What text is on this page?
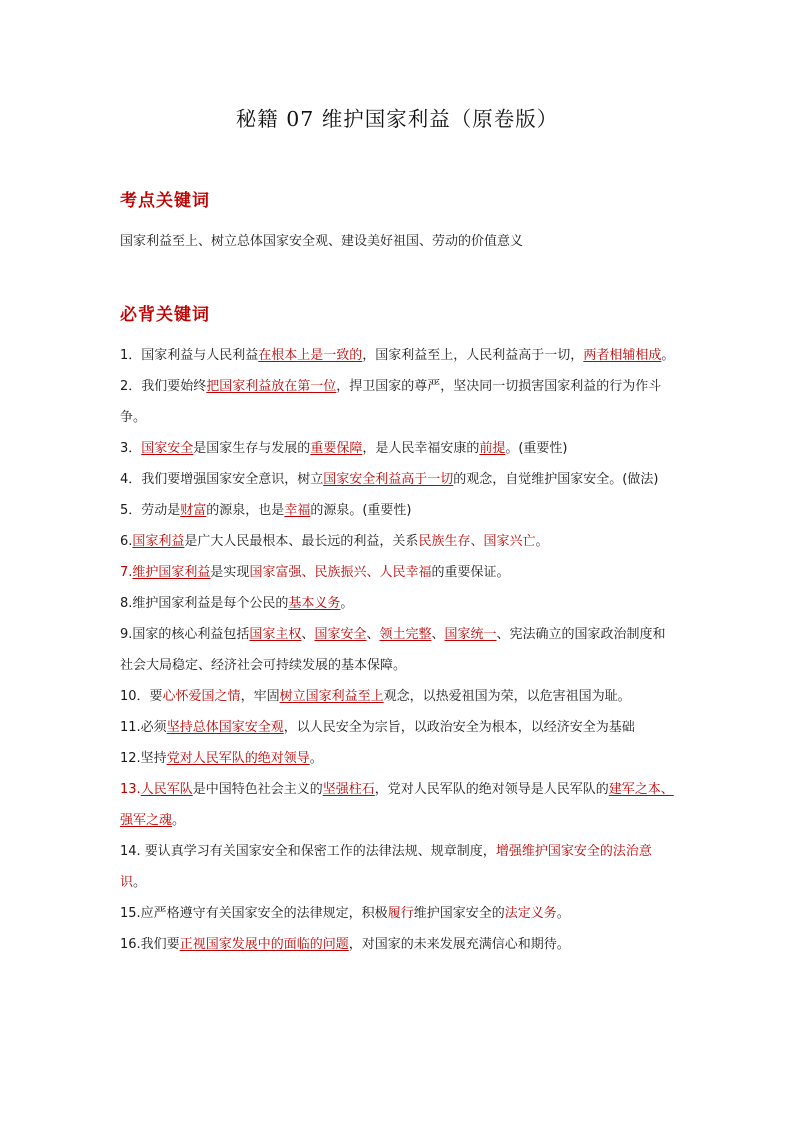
秘籍 07 维护国家利益（原卷版）
考点关键词
国家利益至上、树立总体国家安全观、建设美好祖国、劳动的价值意义
必背关键词
1．国家利益与人民利益在根本上是一致的，国家利益至上，人民利益高于一切，两者相辅相成。
2．我们要始终把国家利益放在第一位，捍卫国家的尊严，坚决同一切损害国家利益的行为作斗争。
3．国家安全是国家生存与发展的重要保障，是人民幸福安康的前提。(重要性)
4．我们要增强国家安全意识，树立国家安全利益高于一切的观念，自觉维护国家安全。(做法)
5．劳动是财富的源泉，也是幸福的源泉。(重要性)
6.国家利益是广大人民最根本、最长远的利益，关系民族生存、国家兴亡。
7.维护国家利益是实现国家富强、民族振兴、人民幸福的重要保证。
8.维护国家利益是每个公民的基本义务。
9.国家的核心利益包括国家主权、国家安全、领土完整、国家统一、宪法确立的国家政治制度和社会大局稳定、经济社会可持续发展的基本保障。
10．要心怀爱国之情，牢固树立国家利益至上观念，以热爱祖国为荣，以危害祖国为耻。
11.必须坚持总体国家安全观，以人民安全为宗旨，以政治安全为根本，以经济安全为基础
12.坚持党对人民军队的绝对领导。
13.人民军队是中国特色社会主义的坚强柱石，党对人民军队的绝对领导是人民军队的建军之本、强军之魂。
14. 要认真学习有关国家安全和保密工作的法律法规、规章制度，增强维护国家安全的法治意识。
15.应严格遵守有关国家安全的法律规定，积极履行维护国家安全的法定义务。
16.我们要正视国家发展中的面临的问题，对国家的未来发展充满信心和期待。
